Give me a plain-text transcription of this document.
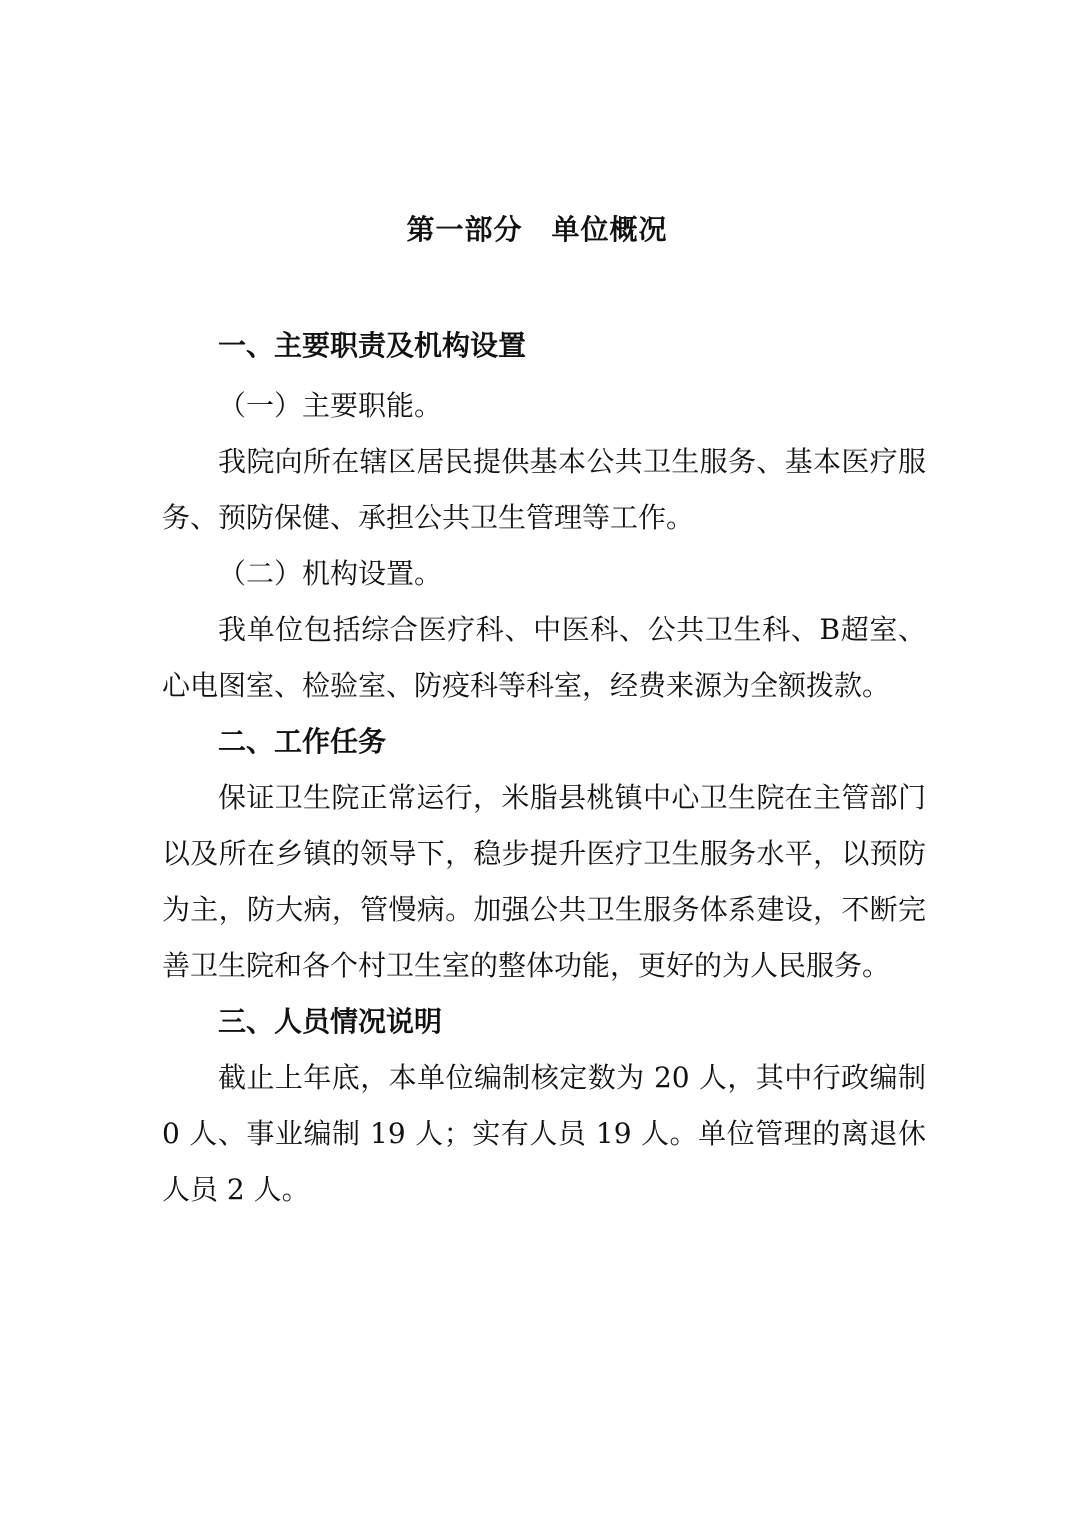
第一部分　单位概况

一、主要职责及机构设置

（一）主要职能。

我院向所在辖区居民提供基本公共卫生服务、基本医疗服务、预防保健、承担公共卫生管理等工作。

（二）机构设置。

我单位包括综合医疗科、中医科、公共卫生科、B超室、心电图室、检验室、防疫科等科室，经费来源为全额拨款。

二、工作任务

保证卫生院正常运行，米脂县桃镇中心卫生院在主管部门以及所在乡镇的领导下，稳步提升医疗卫生服务水平，以预防为主，防大病，管慢病。加强公共卫生服务体系建设，不断完善卫生院和各个村卫生室的整体功能，更好的为人民服务。

三、人员情况说明

截止上年底，本单位编制核定数为 20 人，其中行政编制 0 人、事业编制 19 人；实有人员 19 人。单位管理的离退休人员 2 人。
